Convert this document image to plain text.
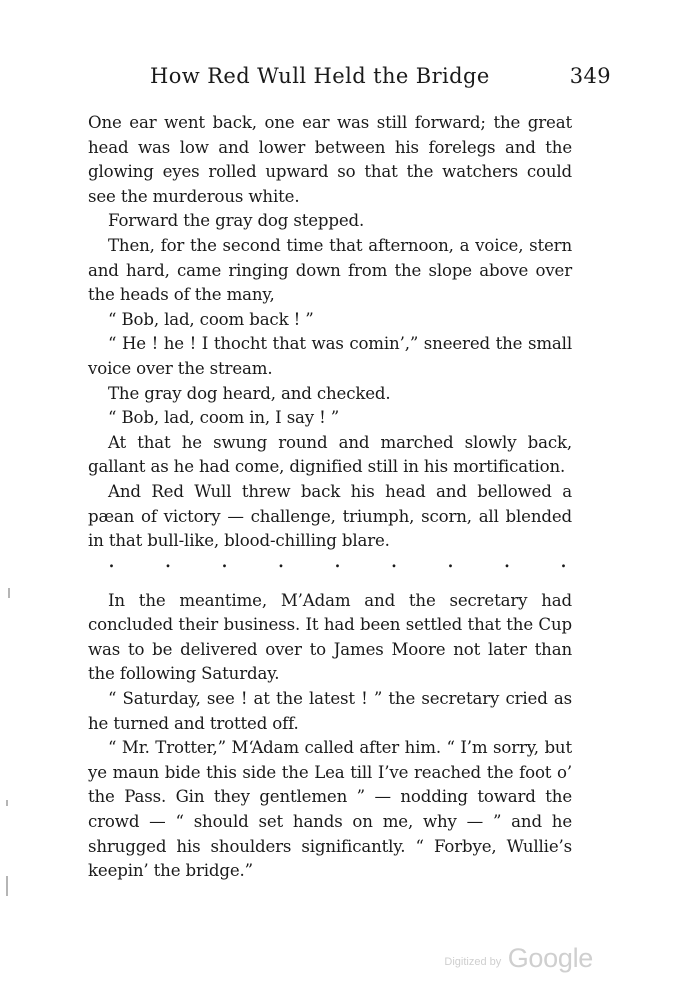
How Red Wull Held the Bridge	349

One ear went back, one ear was still forward; the great head was low and lower between his forelegs and the glowing eyes rolled upward so that the watchers could see the murderous white.

Forward the gray dog stepped.

Then, for the second time that afternoon, a voice, stern and hard, came ringing down from the slope above over the heads of the many,

“ Bob, lad, coom back ! ”

“ He ! he ! I thocht that was comin’,” sneered the small voice over the stream.

The gray dog heard, and checked.

“ Bob, lad, coom in, I say ! ”

At that he swung round and marched slowly back, gallant as he had come, dignified still in his mortification.

And Red Wull threw back his head and bellowed a pæan of victory — challenge, triumph, scorn, all blended in that bull-like, blood-chilling blare.

. . . . . . . . .

In the meantime, M’Adam and the secretary had concluded their business. It had been settled that the Cup was to be delivered over to James Moore not later than the following Saturday.

“ Saturday, see ! at the latest ! ” the secretary cried as he turned and trotted off.

“ Mr. Trotter,” M‘Adam called after him. “ I’m sorry, but ye maun bide this side the Lea till I’ve reached the foot o’ the Pass. Gin they gentlemen ” — nodding toward the crowd — “ should set hands on me, why — ” and he shrugged his shoulders significantly. “ Forbye, Wullie’s keepin’ the bridge.”

Digitized by Google
